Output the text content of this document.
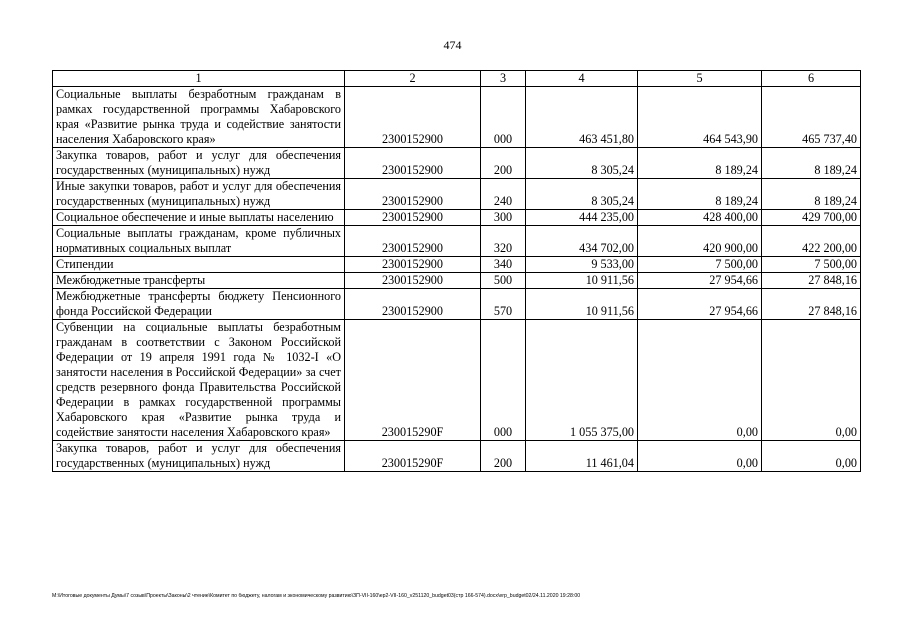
474
1	2	3	4	5	6
Социальные выплаты безработным гражданам в рамках государственной программы Хабаровского края «Развитие рынка труда и содействие занятости населения Хабаровского края»	2300152900	000	463 451,80	464 543,90	465 737,40
Закупка товаров, работ и услуг для обеспечения государственных (муниципальных) нужд	2300152900	200	8 305,24	8 189,24	8 189,24
Иные закупки товаров, работ и услуг для обеспечения государственных (муниципальных) нужд	2300152900	240	8 305,24	8 189,24	8 189,24
Социальное обеспечение и иные выплаты населению	2300152900	300	444 235,00	428 400,00	429 700,00
Социальные выплаты гражданам, кроме публичных нормативных социальных выплат	2300152900	320	434 702,00	420 900,00	422 200,00
Стипендии	2300152900	340	9 533,00	7 500,00	7 500,00
Межбюджетные трансферты	2300152900	500	10 911,56	27 954,66	27 848,16
Межбюджетные трансферты бюджету Пенсионного фонда Российской Федерации	2300152900	570	10 911,56	27 954,66	27 848,16
Субвенции на социальные выплаты безработным гражданам в соответствии с Законом Российской Федерации от 19 апреля 1991 года № 1032-I «О занятости населения в Российской Федерации» за счет средств резервного фонда Правительства Российской Федерации в рамках государственной программы Хабаровского края «Развитие рынка труда и содействие занятости населения Хабаровского края»	230015290F	000	1 055 375,00	0,00	0,00
Закупка товаров, работ и услуг для обеспечения государственных (муниципальных) нужд	230015290F	200	11 461,04	0,00	0,00
M:\Итоговые документы Думы\7 созыв\Проекты\Законы\2 чтение\Комитет по бюджету, налогам и экономическому развитию\ЗП-VII-160\ер2-VII-160_v251120_budget03(стр 166-574).docx\erp_budget02/24.11.2020 19:28:00
